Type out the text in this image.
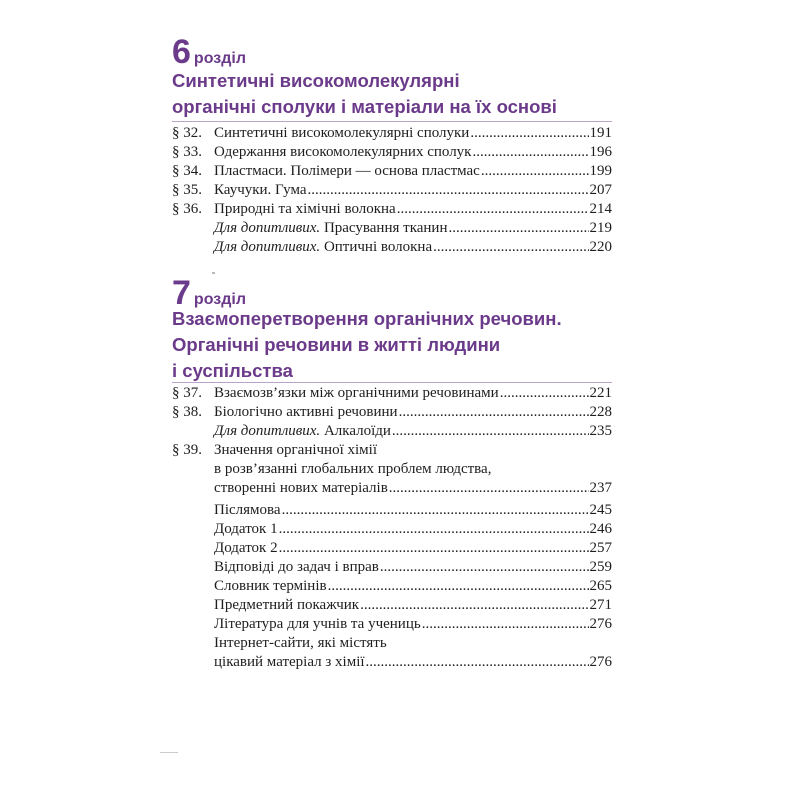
6 розділ
Синтетичні високомолекулярні
органічні сполуки і матеріали на їх основі
§ 32. Синтетичні високомолекулярні сполуки .....	191
§ 33. Одержання високомолекулярних сполук .....	196
§ 34. Пластмаси. Полімери — основа пластмас .....	199
§ 35. Каучуки. Гума .....	207
§ 36. Природні та хімічні волокна .....	214
Для допитливих. Прасування тканин .....	219
Для допитливих. Оптичні волокна .....	220
7 розділ
Взаємоперетворення органічних речовин.
Органічні речовини в житті людини
і суспільства
§ 37. Взаємозв’язки між органічними речовинами .....	221
§ 38. Біологічно активні речовини .....	228
Для допитливих. Алкалоїди .....	235
§ 39. Значення органічної хімії
в розв’язанні глобальних проблем людства,
створенні нових матеріалів .....	237
Післямова .....	245
Додаток 1 .....	246
Додаток 2 .....	257
Відповіді до задач і вправ .....	259
Словник термінів .....	265
Предметний покажчик .....	271
Література для учнів та учениць .....	276
Інтернет-сайти, які містять
цікавий матеріал з хімії .....	276
